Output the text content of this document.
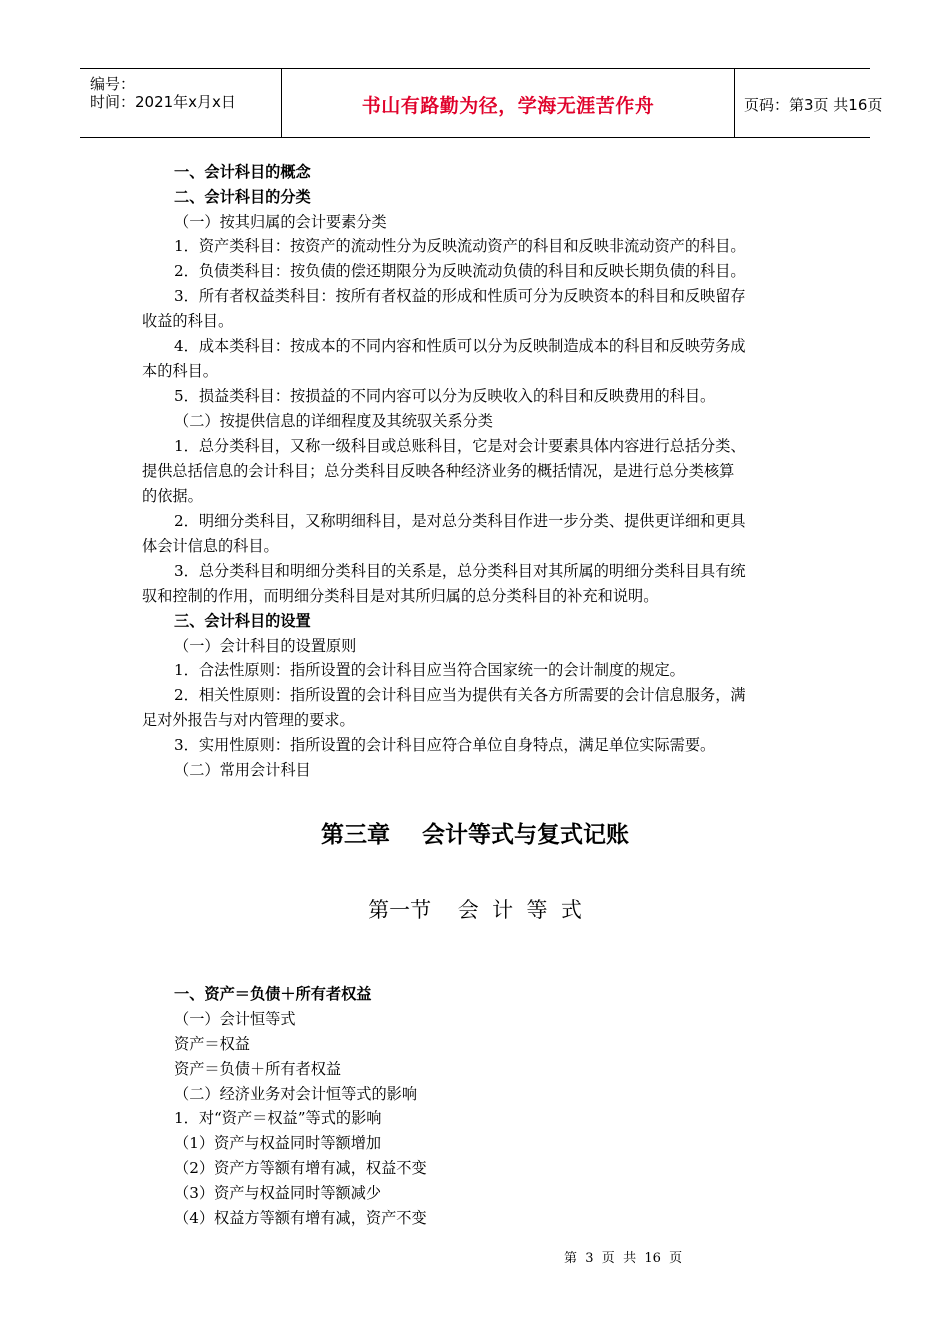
编号：
时间：2021年x月x日	书山有路勤为径，学海无涯苦作舟	页码：第3页 共16页
一、会计科目的概念
二、会计科目的分类
（一）按其归属的会计要素分类
1．资产类科目：按资产的流动性分为反映流动资产的科目和反映非流动资产的科目。
2．负债类科目：按负债的偿还期限分为反映流动负债的科目和反映长期负债的科目。
3．所有者权益类科目：按所有者权益的形成和性质可分为反映资本的科目和反映留存
收益的科目。
4．成本类科目：按成本的不同内容和性质可以分为反映制造成本的科目和反映劳务成
本的科目。
5．损益类科目：按损益的不同内容可以分为反映收入的科目和反映费用的科目。
（二）按提供信息的详细程度及其统驭关系分类
1．总分类科目，又称一级科目或总账科目，它是对会计要素具体内容进行总括分类、
提供总括信息的会计科目；总分类科目反映各种经济业务的概括情况，是进行总分类核算
的依据。
2．明细分类科目，又称明细科目，是对总分类科目作进一步分类、提供更详细和更具
体会计信息的科目。
3．总分类科目和明细分类科目的关系是，总分类科目对其所属的明细分类科目具有统
驭和控制的作用，而明细分类科目是对其所归属的总分类科目的补充和说明。
三、会计科目的设置
（一）会计科目的设置原则
1．合法性原则：指所设置的会计科目应当符合国家统一的会计制度的规定。
2．相关性原则：指所设置的会计科目应当为提供有关各方所需要的会计信息服务，满
足对外报告与对内管理的要求。
3．实用性原则：指所设置的会计科目应符合单位自身特点，满足单位实际需要。
（二）常用会计科目
第三章    会计等式与复式记账
第一节    会  计  等  式
一、资产＝负债＋所有者权益
（一）会计恒等式
资产＝权益
资产＝负债＋所有者权益
（二）经济业务对会计恒等式的影响
1．对“资产＝权益”等式的影响
（1）资产与权益同时等额增加
（2）资产方等额有增有减，权益不变
（3）资产与权益同时等额减少
（4）权益方等额有增有减，资产不变
第  3  页  共  16  页
